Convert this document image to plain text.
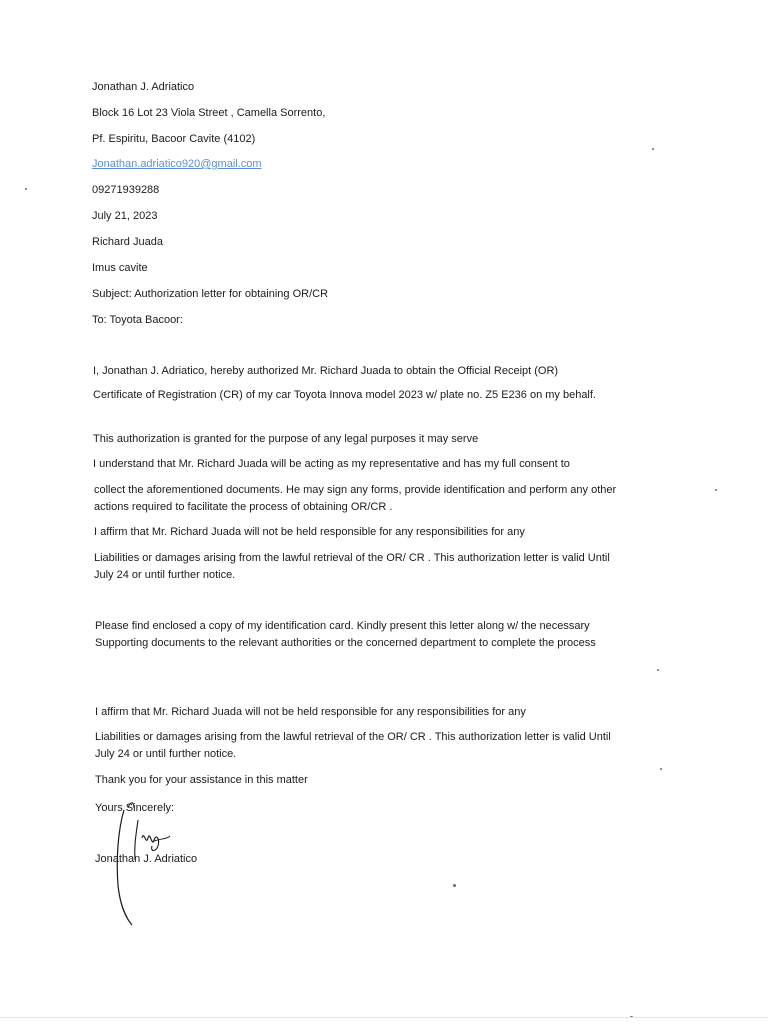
Jonathan J. Adriatico
Block 16 Lot 23 Viola Street , Camella Sorrento,
Pf. Espiritu, Bacoor Cavite (4102)
Jonathan.adriatico920@gmail.com
09271939288
July 21, 2023
Richard Juada
Imus cavite
Subject: Authorization letter for obtaining OR/CR
To: Toyota Bacoor:
I, Jonathan J. Adriatico, hereby authorized Mr. Richard Juada to obtain the Official Receipt (OR)
Certificate of Registration (CR) of my car Toyota Innova model 2023 w/ plate no. Z5 E236 on my behalf.
This authorization is granted for the purpose of any legal purposes it may serve
I understand that Mr. Richard Juada will be acting as my representative and has my full consent to
collect the aforementioned documents. He may sign any forms, provide identification and perform any other actions required to facilitate the process of obtaining OR/CR .
I affirm that Mr. Richard Juada will not be held responsible for any responsibilities for any
Liabilities or damages arising from the lawful retrieval of the OR/ CR . This authorization letter is valid Until July 24 or until further notice.
Please find enclosed a copy of my identification card. Kindly present this letter along w/ the necessary Supporting documents to the relevant authorities or the concerned department to complete the process
I affirm that Mr. Richard Juada will not be held responsible for any responsibilities for any
Liabilities or damages arising from the lawful retrieval of the OR/ CR . This authorization letter is valid Until July 24 or until further notice.
Thank you for your assistance in this matter
Yours Sincerely:
Jonathan J. Adriatico
